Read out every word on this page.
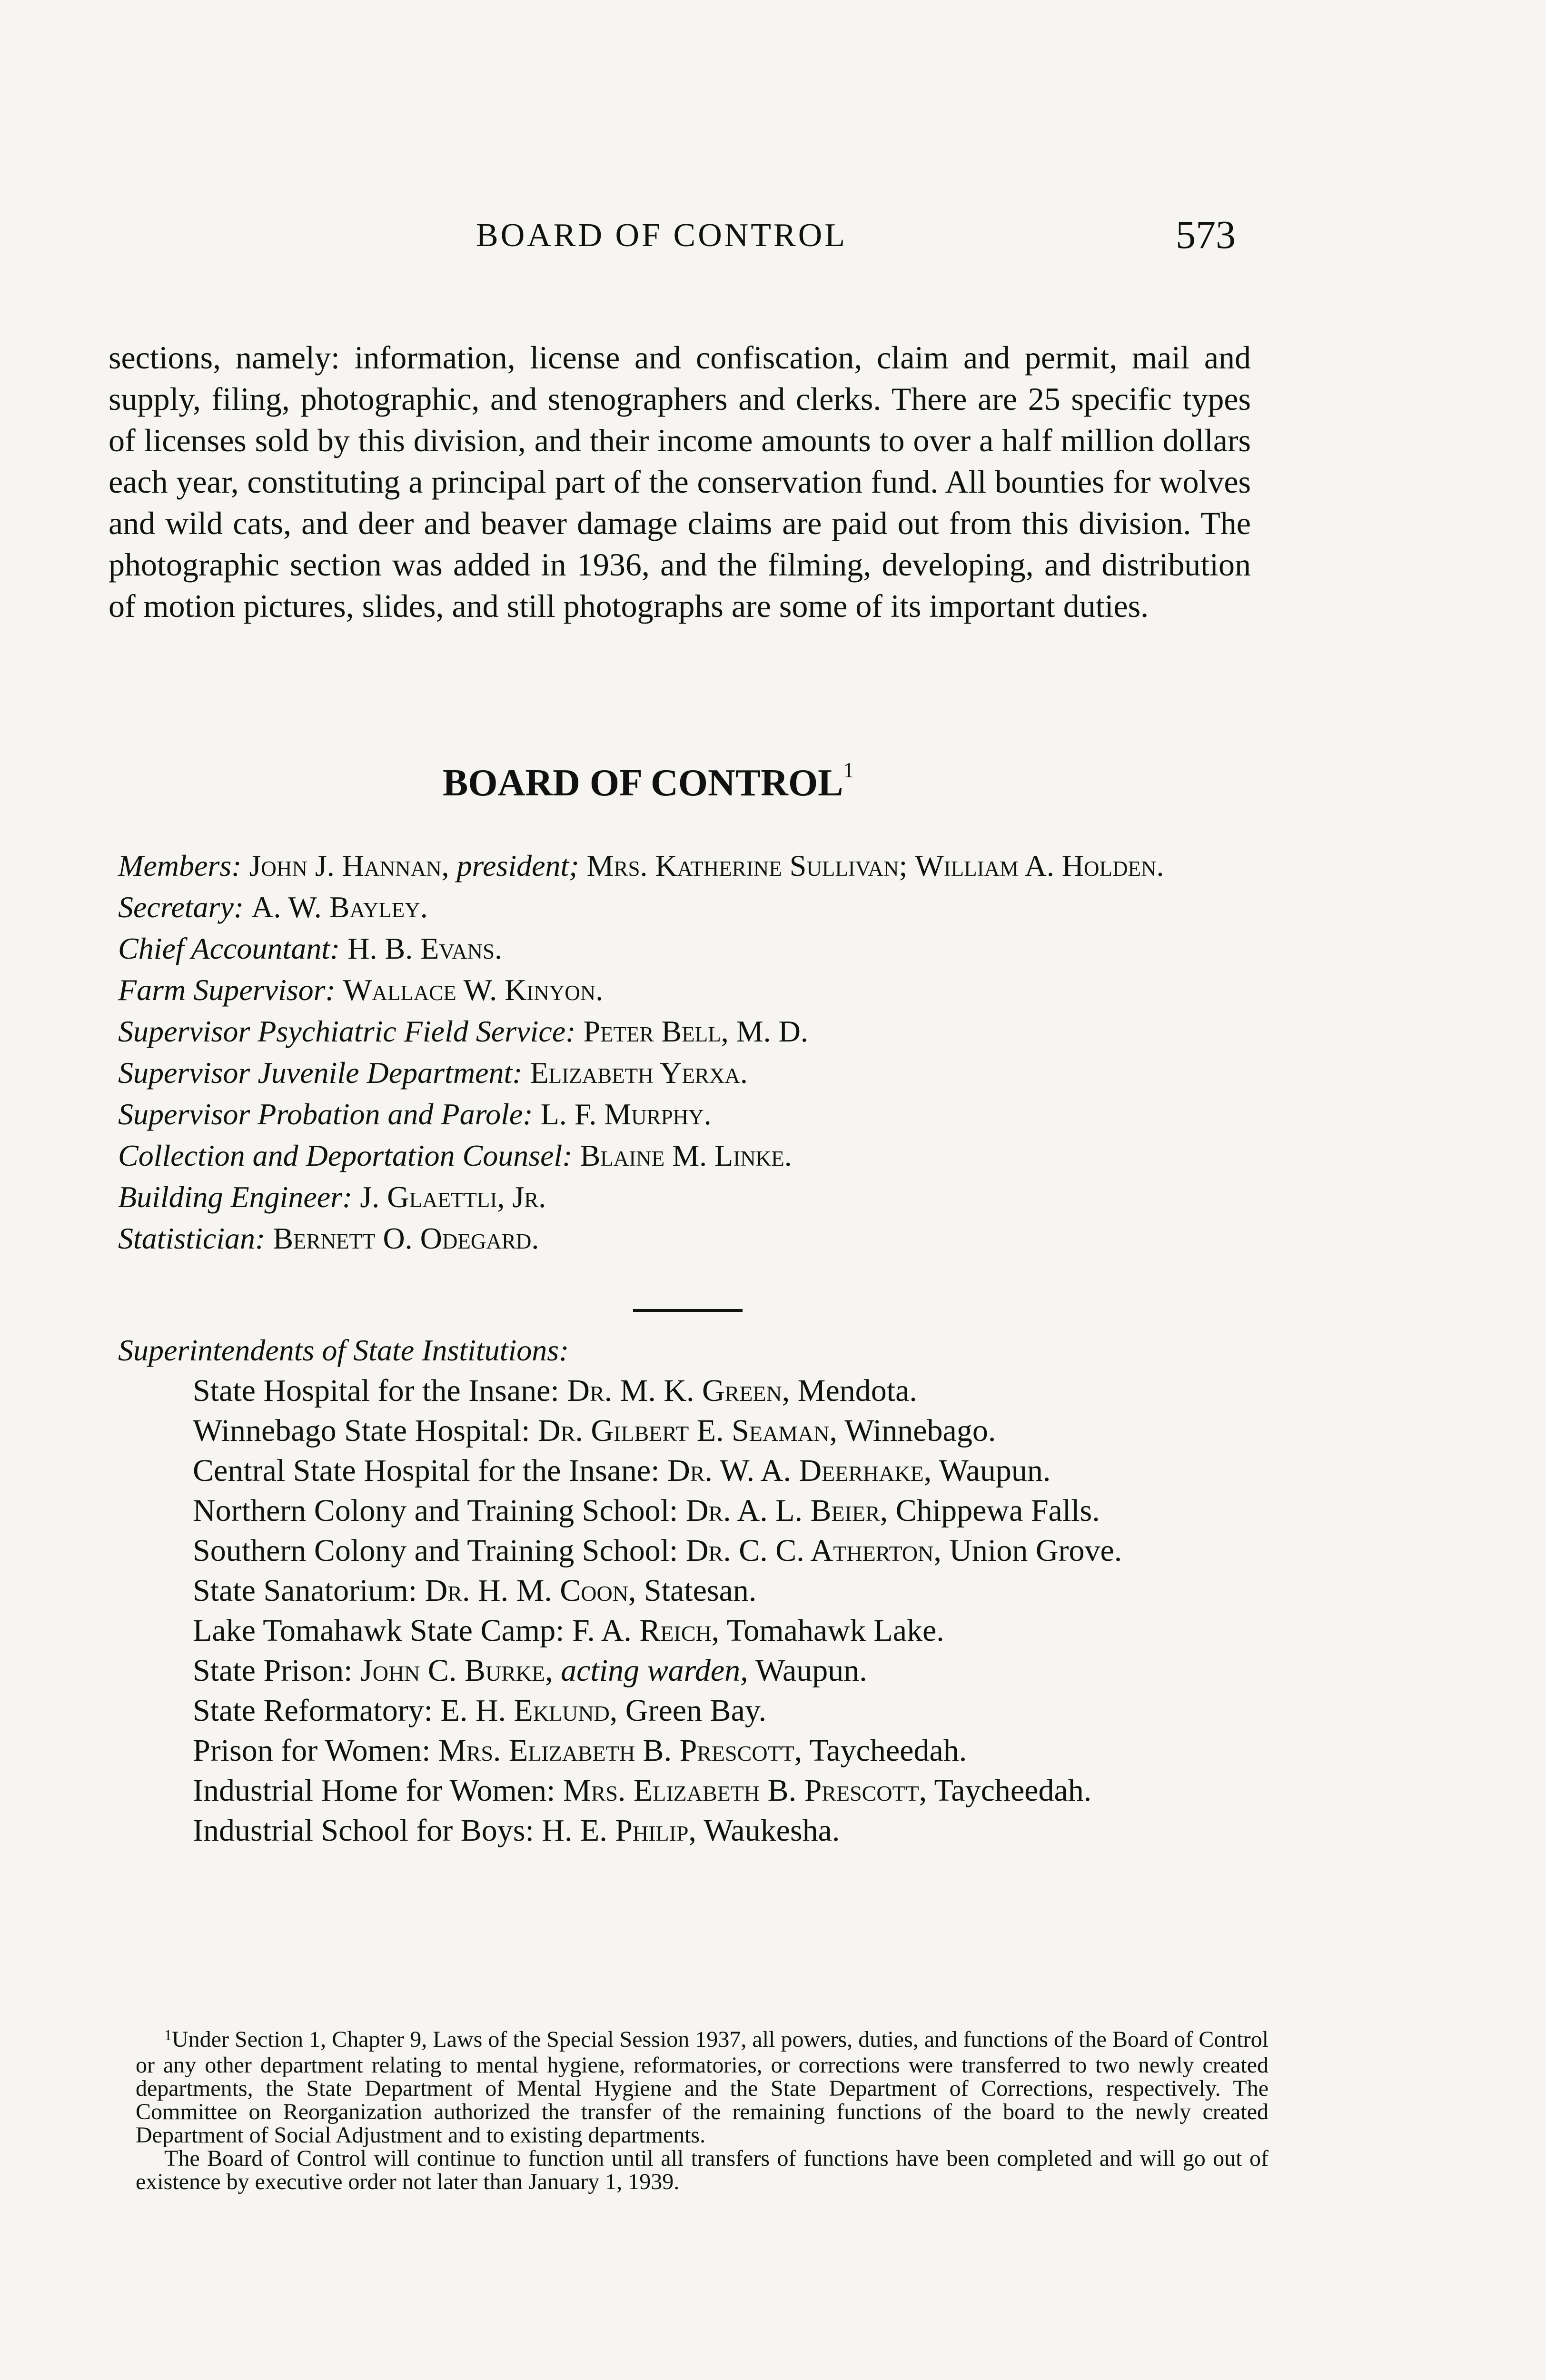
BOARD OF CONTROL	573

sections, namely: information, license and confiscation, claim and permit, mail and supply, filing, photographic, and stenographers and clerks. There are 25 specific types of licenses sold by this division, and their income amounts to over a half million dollars each year, constituting a principal part of the conservation fund. All bounties for wolves and wild cats, and deer and beaver damage claims are paid out from this division. The photographic section was added in 1936, and the filming, developing, and distribution of motion pictures, slides, and still photographs are some of its important duties.

BOARD OF CONTROL$^1$

Members: John J. Hannan, president; Mrs. Katherine Sullivan; William A. Holden.

Secretary: A. W. Bayley.

Chief Accountant: H. B. Evans.

Farm Supervisor: Wallace W. Kinyon.

Supervisor Psychiatric Field Service: Peter Bell, M. D.

Supervisor Juvenile Department: Elizabeth Yerxa.

Supervisor Probation and Parole: L. F. Murphy.

Collection and Deportation Counsel: Blaine M. Linke.

Building Engineer: J. Glaettli, Jr.

Statistician: Bernett O. Odegard.

Superintendents of State Institutions:

State Hospital for the Insane: Dr. M. K. Green, Mendota.

Winnebago State Hospital: Dr. Gilbert E. Seaman, Winnebago.

Central State Hospital for the Insane: Dr. W. A. Deerhake, Waupun.

Northern Colony and Training School: Dr. A. L. Beier, Chippewa Falls.

Southern Colony and Training School: Dr. C. C. Atherton, Union Grove.

State Sanatorium: Dr. H. M. Coon, Statesan.

Lake Tomahawk State Camp: F. A. Reich, Tomahawk Lake.

State Prison: John C. Burke, acting warden, Waupun.

State Reformatory: E. H. Eklund, Green Bay.

Prison for Women: Mrs. Elizabeth B. Prescott, Taycheedah.

Industrial Home for Women: Mrs. Elizabeth B. Prescott, Taycheedah.

Industrial School for Boys: H. E. Philip, Waukesha.

$^1$Under Section 1, Chapter 9, Laws of the Special Session 1937, all powers, duties, and functions of the Board of Control or any other department relating to mental hygiene, reformatories, or corrections were transferred to two newly created departments, the State Department of Mental Hygiene and the State Department of Corrections, respectively. The Committee on Reorganization authorized the transfer of the remaining functions of the board to the newly created Department of Social Adjustment and to existing departments.

The Board of Control will continue to function until all transfers of functions have been completed and will go out of existence by executive order not later than January 1, 1939.
